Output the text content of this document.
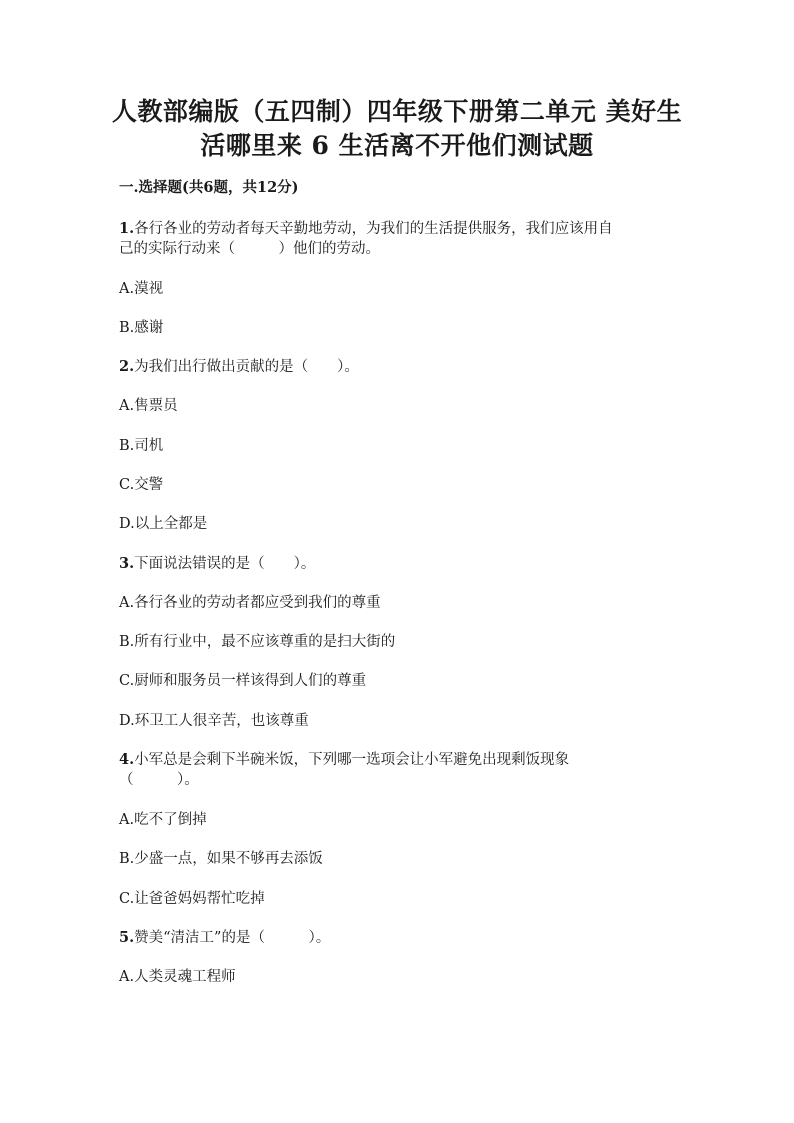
人教部编版（五四制）四年级下册第二单元 美好生
活哪里来 6 生活离不开他们测试题
一.选择题(共6题，共12分)
1.各行各业的劳动者每天辛勤地劳动，为我们的生活提供服务，我们应该用自
己的实际行动来（　　　）他们的劳动。
A.漠视
B.感谢
2.为我们出行做出贡献的是（　　）。
A.售票员
B.司机
C.交警
D.以上全都是
3.下面说法错误的是（　　）。
A.各行各业的劳动者都应受到我们的尊重
B.所有行业中，最不应该尊重的是扫大街的
C.厨师和服务员一样该得到人们的尊重
D.环卫工人很辛苦，也该尊重
4.小军总是会剩下半碗米饭，下列哪一选项会让小军避免出现剩饭现象
（　　　）。
A.吃不了倒掉
B.少盛一点，如果不够再去添饭
C.让爸爸妈妈帮忙吃掉
5.赞美“清洁工”的是（　　　）。
A.人类灵魂工程师
